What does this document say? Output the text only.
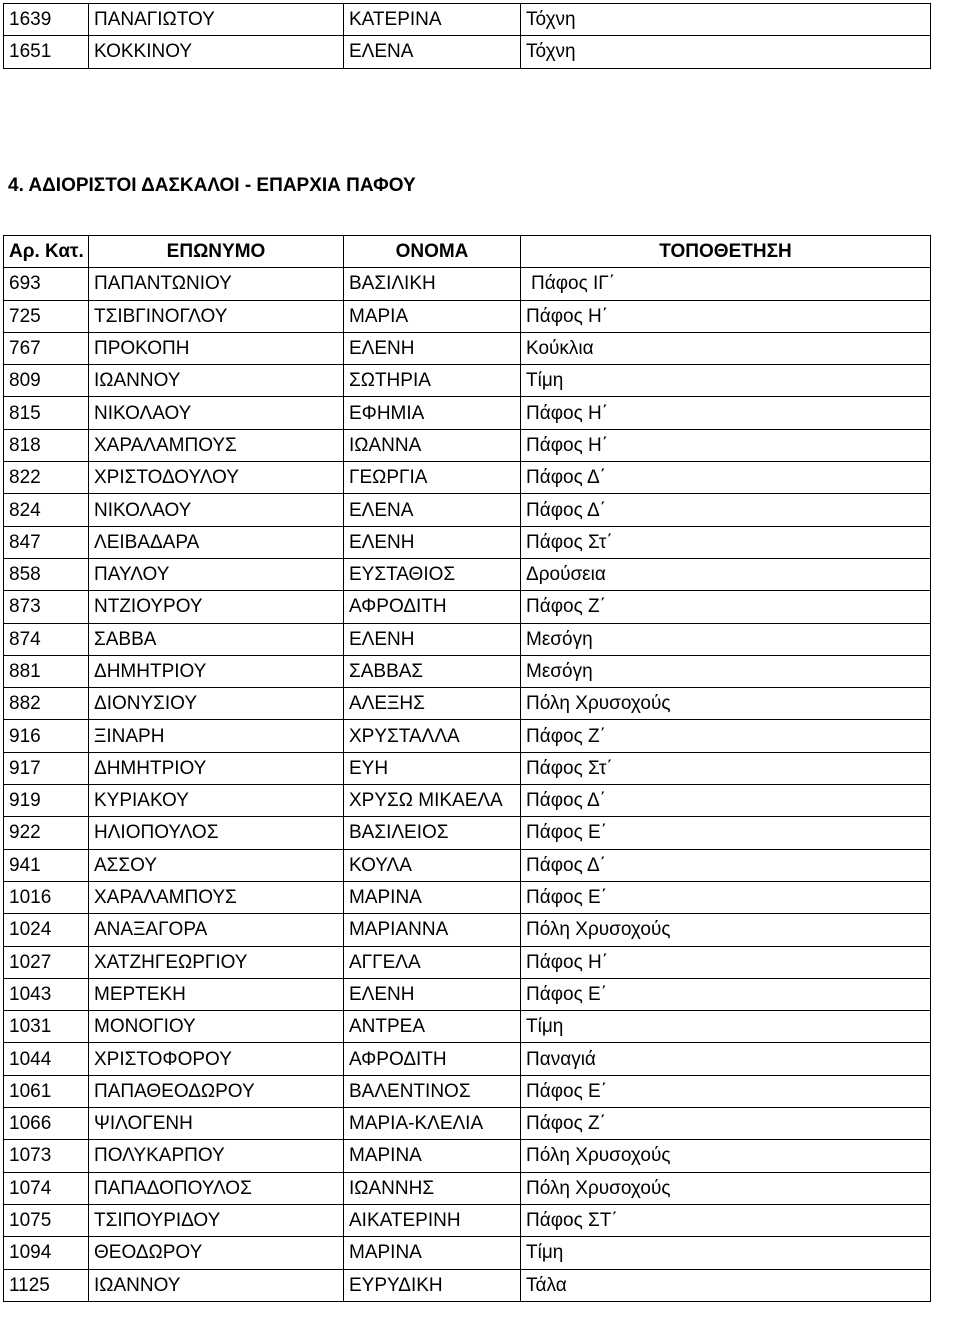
1639	ΠΑΝΑΓΙΩΤΟΥ	ΚΑΤΕΡΙΝΑ	Τόχνη
1651	ΚΟΚΚΙΝΟΥ	ΕΛΕΝΑ	Τόχνη
4. ΑΔΙΟΡΙΣΤΟΙ ΔΑΣΚΑΛΟΙ - ΕΠΑΡΧΙΑ ΠΑΦΟΥ
Αρ. Κατ.	ΕΠΩΝΥΜΟ	ΟΝΟΜΑ	ΤΟΠΟΘΕΤΗΣΗ
693	ΠΑΠΑΝΤΩΝΙΟΥ	ΒΑΣΙΛΙΚΗ	Πάφος ΙΓ΄
725	ΤΣΙΒΓΙΝΟΓΛΟΥ	ΜΑΡΙΑ	Πάφος Η΄
767	ΠΡΟΚΟΠΗ	ΕΛΕΝΗ	Κούκλια
809	ΙΩΑΝΝΟΥ	ΣΩΤΗΡΙΑ	Τίμη
815	ΝΙΚΟΛΑΟΥ	ΕΦΗΜΙΑ	Πάφος Η΄
818	ΧΑΡΑΛΑΜΠΟΥΣ	ΙΩΑΝΝΑ	Πάφος Η΄
822	ΧΡΙΣΤΟΔΟΥΛΟΥ	ΓΕΩΡΓΙΑ	Πάφος Δ΄
824	ΝΙΚΟΛΑΟΥ	ΕΛΕΝΑ	Πάφος Δ΄
847	ΛΕΙΒΑΔΑΡΑ	ΕΛΕΝΗ	Πάφος Στ΄
858	ΠΑΥΛΟΥ	ΕΥΣΤΑΘΙΟΣ	Δρούσεια
873	ΝΤΖΙΟΥΡΟΥ	ΑΦΡΟΔΙΤΗ	Πάφος Ζ΄
874	ΣΑΒΒΑ	ΕΛΕΝΗ	Μεσόγη
881	ΔΗΜΗΤΡΙΟΥ	ΣΑΒΒΑΣ	Μεσόγη
882	ΔΙΟΝΥΣΙΟΥ	ΑΛΕΞΗΣ	Πόλη Χρυσοχούς
916	ΞΙΝΑΡΗ	ΧΡΥΣΤΑΛΛΑ	Πάφος Ζ΄
917	ΔΗΜΗΤΡΙΟΥ	ΕΥΗ	Πάφος Στ΄
919	ΚΥΡΙΑΚΟΥ	ΧΡΥΣΩ ΜΙΚΑΕΛΑ	Πάφος Δ΄
922	ΗΛΙΟΠΟΥΛΟΣ	ΒΑΣΙΛΕΙΟΣ	Πάφος Ε΄
941	ΑΣΣΟΥ	ΚΟΥΛΑ	Πάφος Δ΄
1016	ΧΑΡΑΛΑΜΠΟΥΣ	ΜΑΡΙΝΑ	Πάφος Ε΄
1024	ΑΝΑΞΑΓΟΡΑ	ΜΑΡΙΑΝΝΑ	Πόλη Χρυσοχούς
1027	ΧΑΤΖΗΓΕΩΡΓΙΟΥ	ΑΓΓΕΛΑ	Πάφος Η΄
1043	ΜΕΡΤΕΚΗ	ΕΛΕΝΗ	Πάφος Ε΄
1031	ΜΟΝΟΓΙΟΥ	ΑΝΤΡΕΑ	Τίμη
1044	ΧΡΙΣΤΟΦΟΡΟΥ	ΑΦΡΟΔΙΤΗ	Παναγιά
1061	ΠΑΠΑΘΕΟΔΩΡΟΥ	ΒΑΛΕΝΤΙΝΟΣ	Πάφος Ε΄
1066	ΨΙΛΟΓΕΝΗ	ΜΑΡΙΑ-ΚΛΕΛΙΑ	Πάφος Ζ΄
1073	ΠΟΛΥΚΑΡΠΟΥ	ΜΑΡΙΝΑ	Πόλη Χρυσοχούς
1074	ΠΑΠΑΔΟΠΟΥΛΟΣ	ΙΩΑΝΝΗΣ	Πόλη Χρυσοχούς
1075	ΤΣΙΠΟΥΡΙΔΟΥ	ΑΙΚΑΤΕΡΙΝΗ	Πάφος ΣΤ΄
1094	ΘΕΟΔΩΡΟΥ	ΜΑΡΙΝΑ	Τίμη
1125	ΙΩΑΝΝΟΥ	ΕΥΡΥΔΙΚΗ	Τάλα
